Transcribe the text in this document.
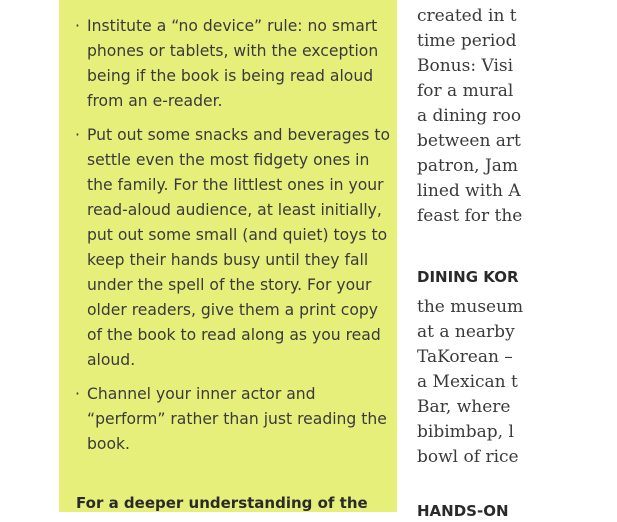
· Institute a “no device” rule: no smart phones or tablets, with the exception being if the book is being read aloud from an e-reader.
· Put out some snacks and beverages to settle even the most fidgety ones in the family. For the littlest ones in your read-aloud audience, at least initially, put out some small (and quiet) toys to keep their hands busy until they fall under the spell of the story. For your older readers, give them a print copy of the book to read along as you read aloud.
· Channel your inner actor and “perform” rather than just reading the book.
For a deeper understanding of the
created in t
time period
Bonus: Visi
for a mural
a dining roo
between art
patron, Jam
lined with A
feast for the
DINING KOR
the museum
at a nearby
TaKorean –
a Mexican t
Bar, where
bibimbap, l
bowl of rice
HANDS-ON
